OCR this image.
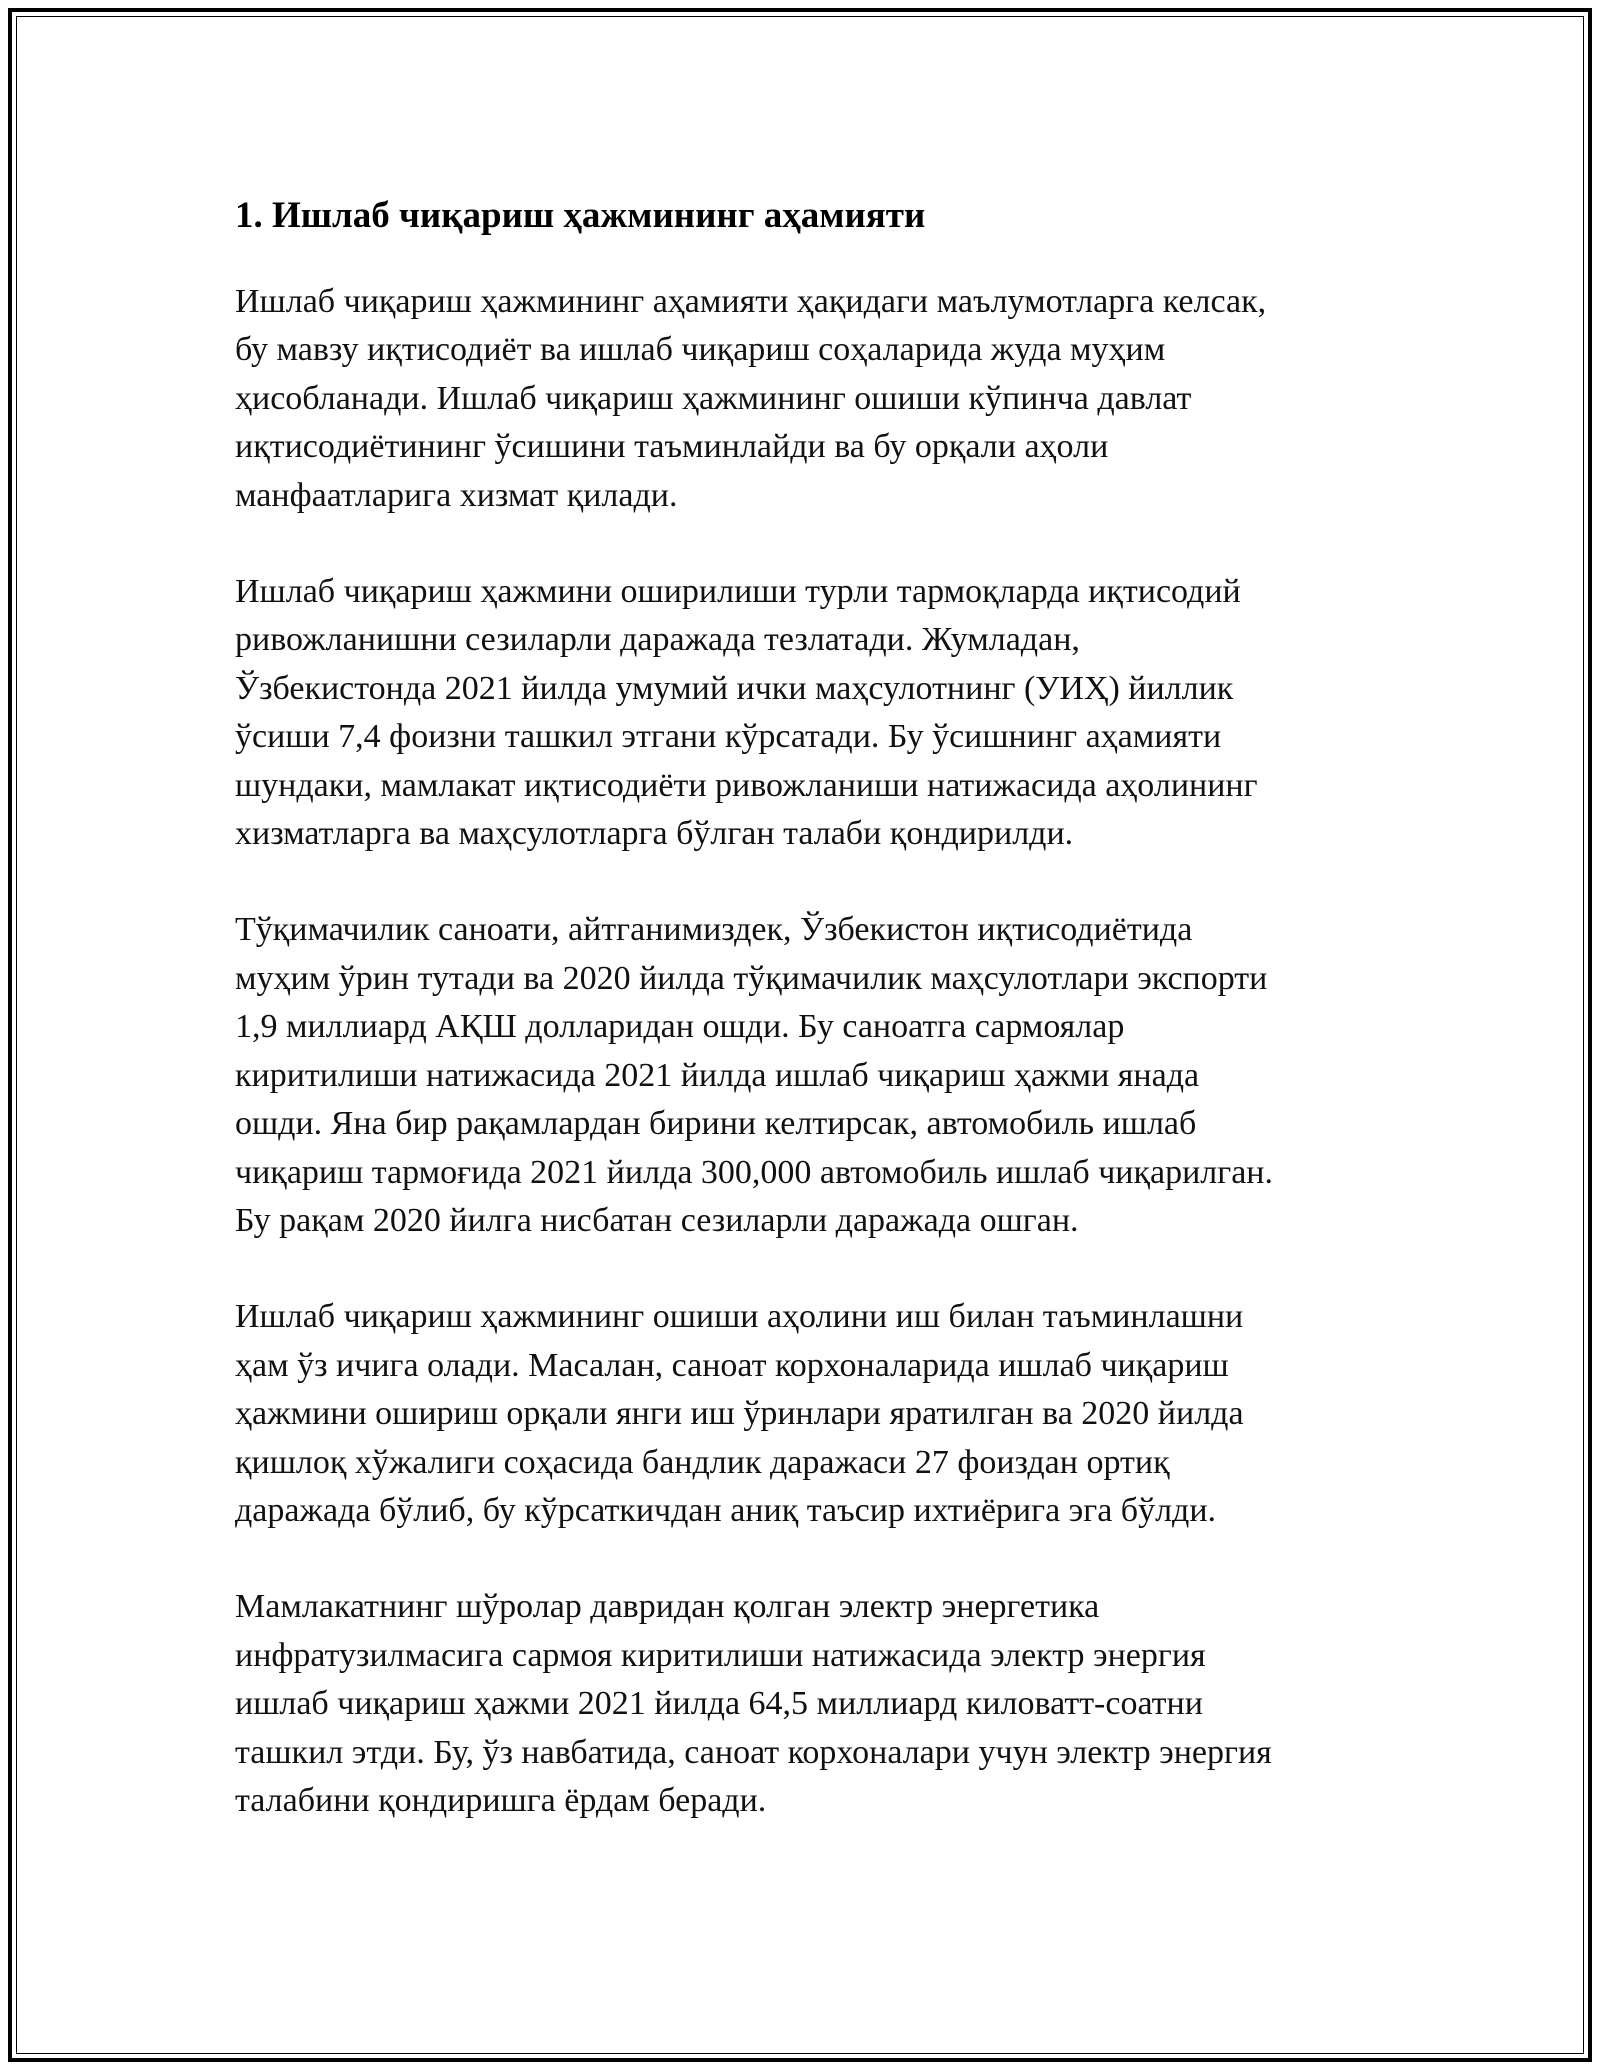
1. Ишлаб чиқариш ҳажмининг аҳамияти

Ишлаб чиқариш ҳажмининг аҳамияти ҳақидаги маълумотларга келсак,
бу мавзу иқтисодиёт ва ишлаб чиқариш соҳаларида жуда муҳим
ҳисобланади. Ишлаб чиқариш ҳажмининг ошиши кўпинча давлат
иқтисодиётининг ўсишини таъминлайди ва бу орқали аҳоли
манфаатларига хизмат қилади.

Ишлаб чиқариш ҳажмини оширилиши турли тармоқларда иқтисодий
ривожланишни сезиларли даражада тезлатади. Жумладан,
Ўзбекистонда 2021 йилда умумий ички маҳсулотнинг (УИҲ) йиллик
ўсиши 7,4 фоизни ташкил этгани кўрсатади. Бу ўсишнинг аҳамияти
шундаки, мамлакат иқтисодиёти ривожланиши натижасида аҳолининг
хизматларга ва маҳсулотларга бўлган талаби қондирилди.

Тўқимачилик саноати, айтганимиздек, Ўзбекистон иқтисодиётида
муҳим ўрин тутади ва 2020 йилда тўқимачилик маҳсулотлари экспорти
1,9 миллиард АҚШ долларидан ошди. Бу саноатга сармоялар
киритилиши натижасида 2021 йилда ишлаб чиқариш ҳажми янада
ошди. Яна бир рақамлардан бирини келтирсак, автомобиль ишлаб
чиқариш тармоғида 2021 йилда 300,000 автомобиль ишлаб чиқарилган.
Бу рақам 2020 йилга нисбатан сезиларли даражада ошган.

Ишлаб чиқариш ҳажмининг ошиши аҳолини иш билан таъминлашни
ҳам ўз ичига олади. Масалан, саноат корхоналарида ишлаб чиқариш
ҳажмини ошириш орқали янги иш ўринлари яратилган ва 2020 йилда
қишлоқ хўжалиги соҳасида бандлик даражаси 27 фоиздан ортиқ
даражада бўлиб, бу кўрсаткичдан аниқ таъсир ихтиёрига эга бўлди.

Мамлакатнинг шўролар давридан қолган электр энергетика
инфратузилмасига сармоя киритилиши натижасида электр энергия
ишлаб чиқариш ҳажми 2021 йилда 64,5 миллиард киловатт-соатни
ташкил этди. Бу, ўз навбатида, саноат корхоналари учун электр энергия
талабини қондиришга ёрдам беради.
